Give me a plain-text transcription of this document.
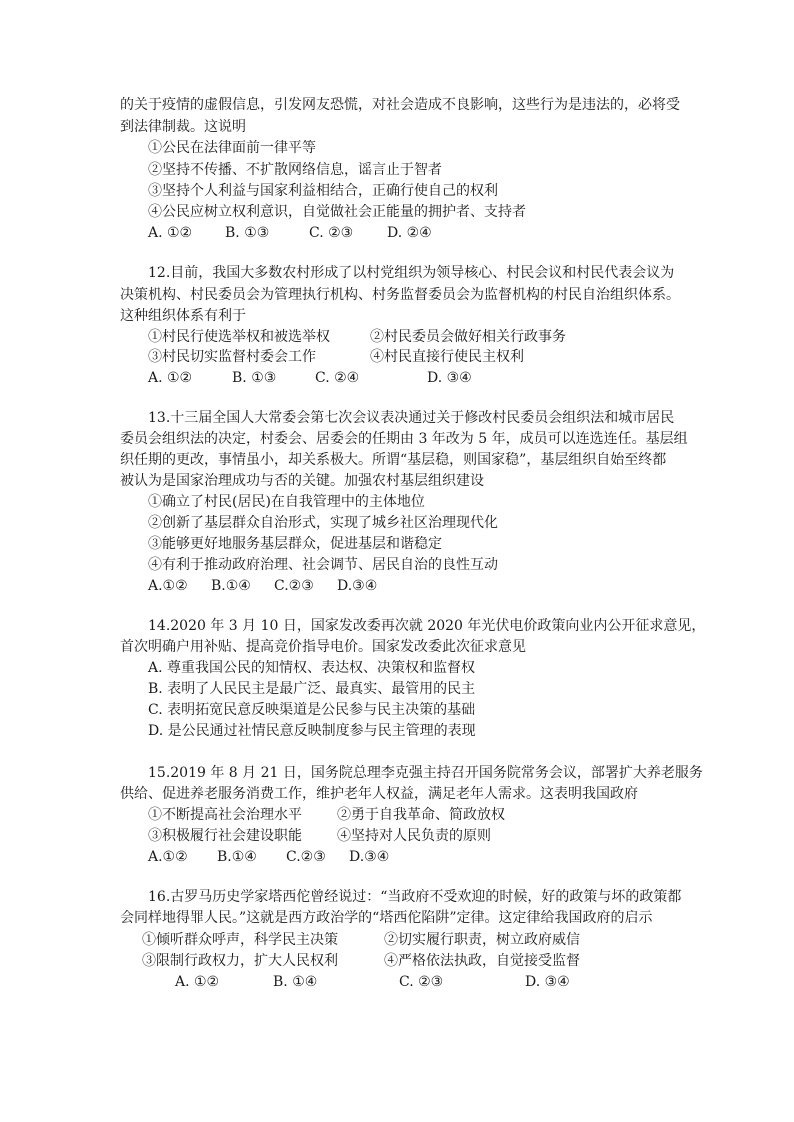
的关于疫情的虚假信息，引发网友恐慌，对社会造成不良影响，这些行为是违法的，必将受
到法律制裁。这说明
①公民在法律面前一律平等
②坚持不传播、不扩散网络信息，谣言止于智者
③坚持个人利益与国家利益相结合，正确行使自己的权利
④公民应树立权利意识，自觉做社会正能量的拥护者、支持者
A. ①② B. ①③	C. ②③ D. ②④
12.目前，我国大多数农村形成了以村党组织为领导核心、村民会议和村民代表会议为
决策机构、村民委员会为管理执行机构、村务监督委员会为监督机构的村民自治组织体系。
这种组织体系有利于
①村民行使选举权和被选举权	②村民委员会做好相关行政事务
③村民切实监督村委会工作	④村民直接行使民主权利
A. ①②	B. ①③	C. ②④	D. ③④
13.十三届全国人大常委会第七次会议表决通过关于修改村民委员会组织法和城市居民
委员会组织法的决定，村委会、居委会的任期由 3 年改为 5 年，成员可以连选连任。基层组
织任期的更改，事情虽小，却关系极大。所谓“基层稳，则国家稳”，基层组织自始至终都
被认为是国家治理成功与否的关键。加强农村基层组织建设
①确立了村民(居民)在自我管理中的主体地位
②创新了基层群众自治形式，实现了城乡社区治理现代化
③能够更好地服务基层群众，促进基层和谐稳定
④有利于推动政府治理、社会调节、居民自治的良性互动
A.①② B.①④ C.②③ D.③④
14.2020 年 3 月 10 日，国家发改委再次就 2020 年光伏电价政策向业内公开征求意见，
首次明确户用补贴、提高竞价指导电价。国家发改委此次征求意见
A. 尊重我国公民的知情权、表达权、决策权和监督权
B. 表明了人民民主是最广泛、最真实、最管用的民主
C. 表明拓宽民意反映渠道是公民参与民主决策的基础
D. 是公民通过社情民意反映制度参与民主管理的表现
15.2019 年 8 月 21 日，国务院总理李克强主持召开国务院常务会议，部署扩大养老服务
供给、促进养老服务消费工作，维护老年人权益，满足老年人需求。这表明我国政府
①不断提高社会治理水平	②勇于自我革命、简政放权
③积极履行社会建设职能	④坚持对人民负责的原则
A.①② B.①④ C.②③ D.③④
16.古罗马历史学家塔西佗曾经说过：“当政府不受欢迎的时候，好的政策与坏的政策都
会同样地得罪人民。”这就是西方政治学的“塔西佗陷阱”定律。这定律给我国政府的启示
①倾听群众呼声，科学民主决策	②切实履行职责，树立政府威信
③限制行政权力，扩大人民权利	④严格依法执政，自觉接受监督
A. ①②	B. ①④	C. ②③	D. ③④
